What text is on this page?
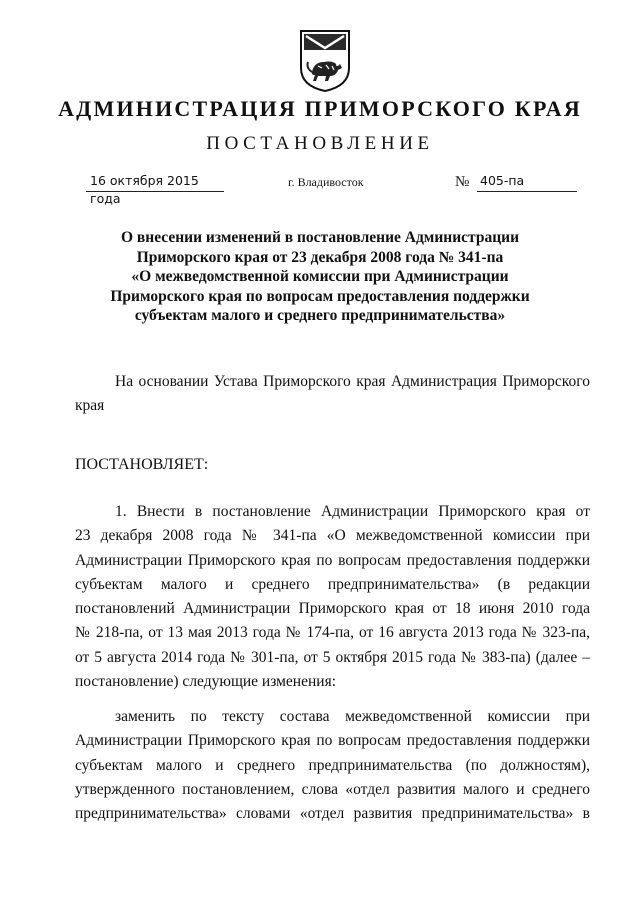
АДМИНИСТРАЦИЯ ПРИМОРСКОГО КРАЯ
ПОСТАНОВЛЕНИЕ
16 октября 2015 года
г. Владивосток	№ 405-па
О внесении изменений в постановление Администрации
Приморского края от 23 декабря 2008 года № 341-па
«О межведомственной комиссии при Администрации
Приморского края по вопросам предоставления поддержки
субъектам малого и среднего предпринимательства»
На основании Устава Приморского края Администрация Приморского
края
ПОСТАНОВЛЯЕТ:
1. Внести в постановление Администрации Приморского края от
23 декабря 2008 года № 341-па «О межведомственной комиссии при
Администрации Приморского края по вопросам предоставления поддержки
субъектам малого и среднего предпринимательства» (в редакции
постановлений Администрации Приморского края от 18 июня 2010 года
№ 218-па, от 13 мая 2013 года № 174-па, от 16 августа 2013 года № 323-па,
от 5 августа 2014 года № 301-па, от 5 октября 2015 года № 383-па) (далее –
постановление) следующие изменения:
заменить по тексту состава межведомственной комиссии при
Администрации Приморского края по вопросам предоставления поддержки
субъектам малого и среднего предпринимательства (по должностям),
утвержденного постановлением, слова «отдел развития малого и среднего
предпринимательства» словами «отдел развития предпринимательства» в
